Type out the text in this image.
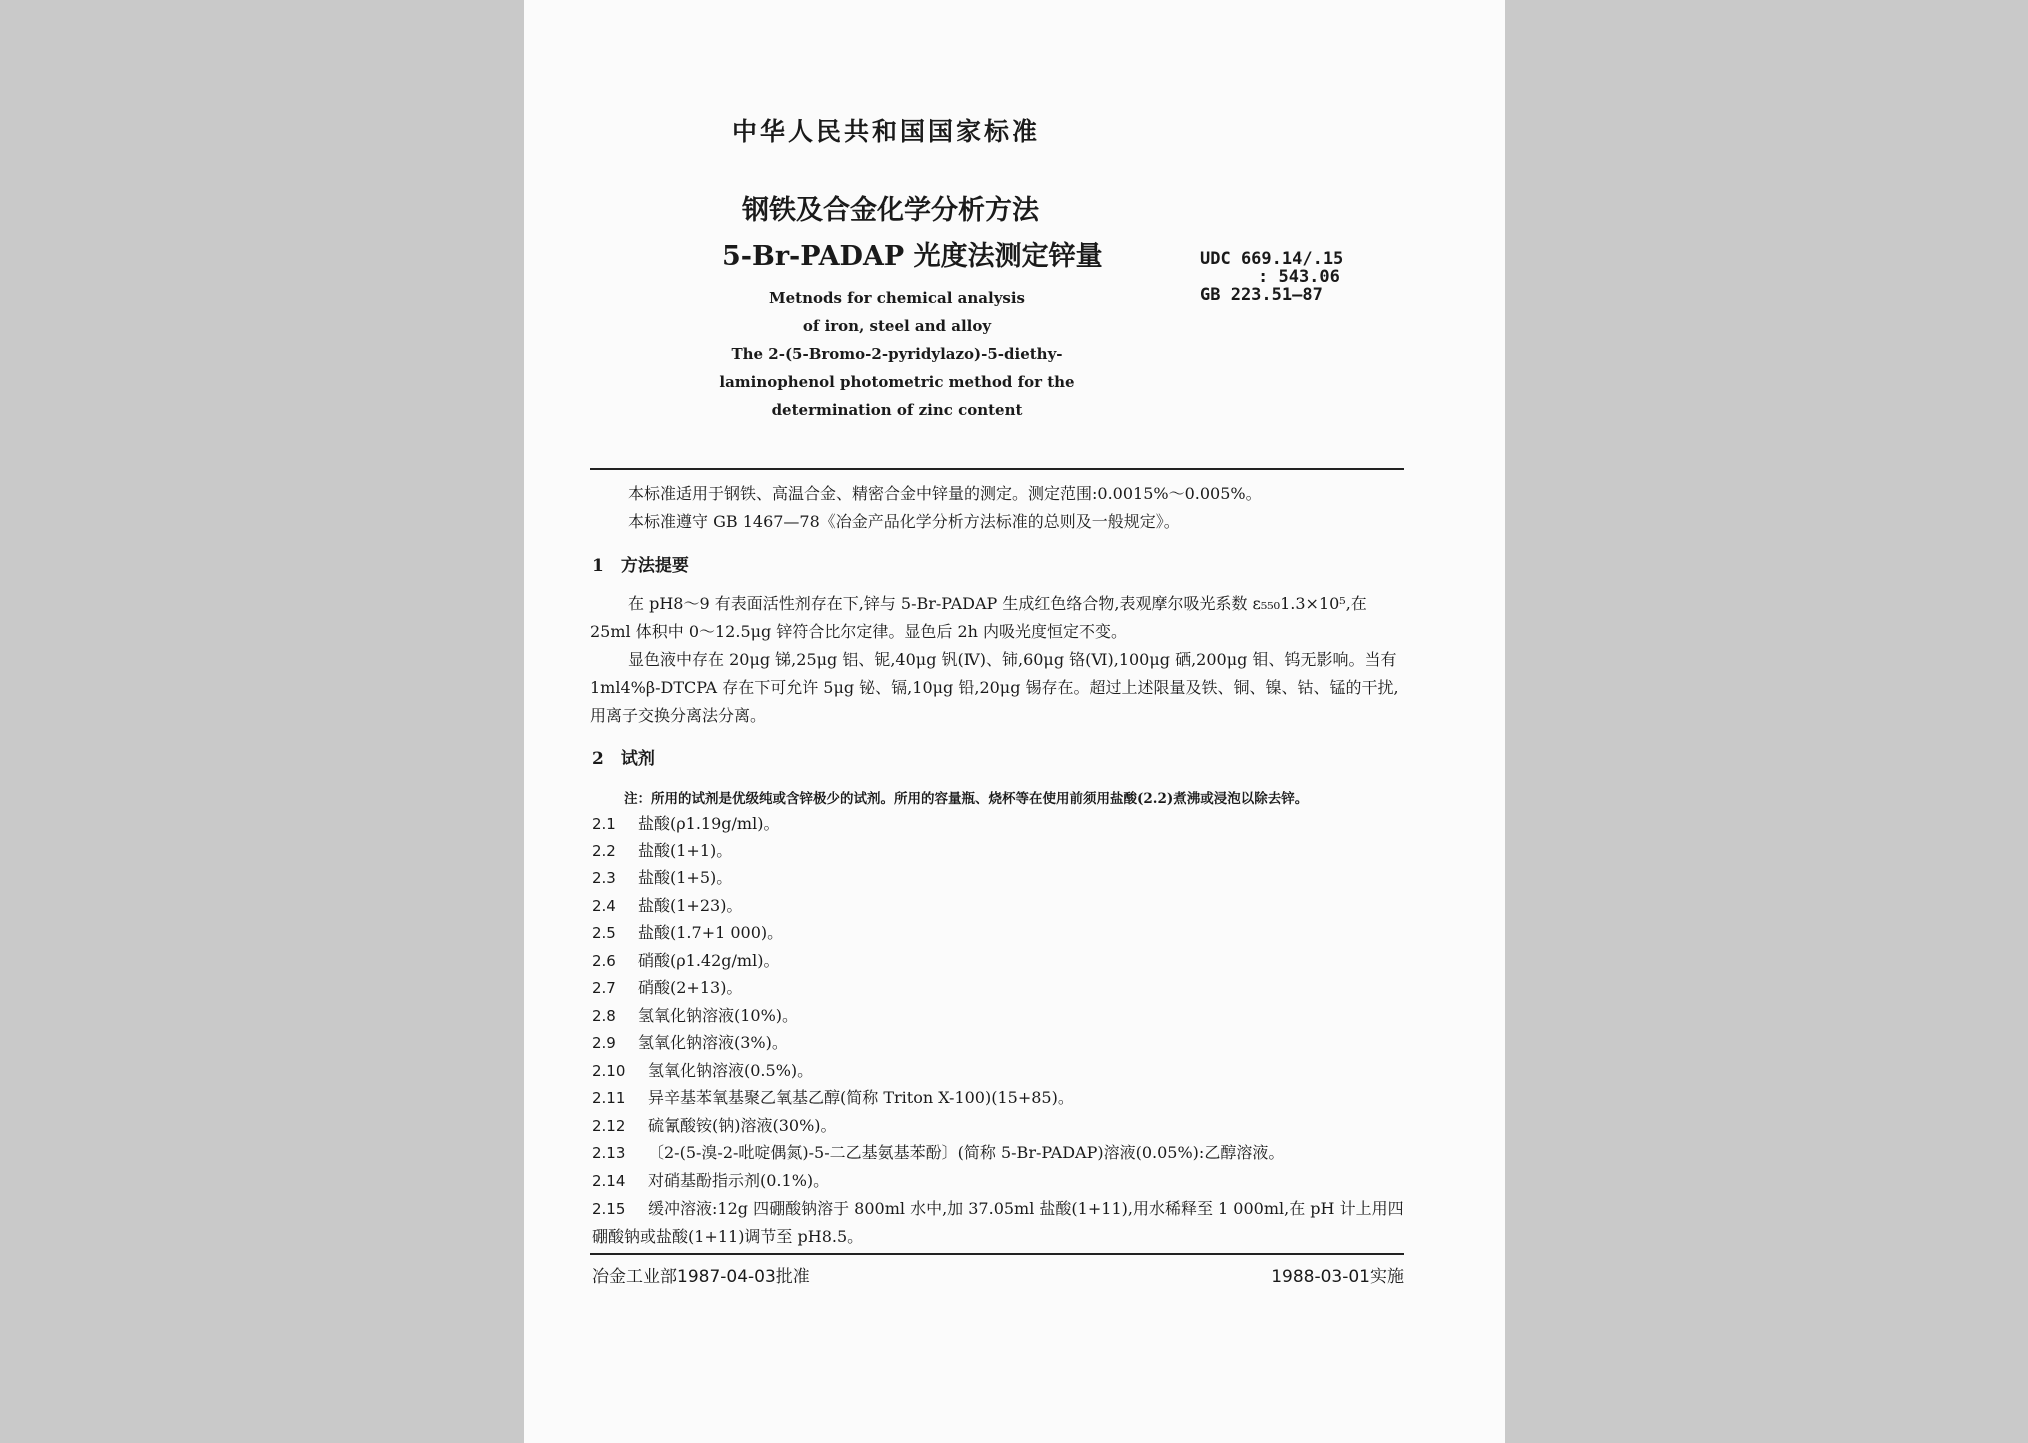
中华人民共和国国家标准
钢铁及合金化学分析方法
5-Br-PADAP 光度法测定锌量	UDC 669.14/.15
: 543.06
GB 223.51—87
Metnods for chemical analysis
of iron, steel and alloy
The 2-(5-Bromo-2-pyridylazo)-5-diethy-
laminophenol photometric method for the
determination of zinc content
本标准适用于钢铁、高温合金、精密合金中锌量的测定。测定范围:0.0015%～0.005%。
本标准遵守 GB 1467—78《冶金产品化学分析方法标准的总则及一般规定》。
1　方法提要
在 pH8～9 有表面活性剂存在下,锌与 5-Br-PADAP 生成红色络合物,表观摩尔吸光系数 ε₅₅₀1.3×10⁵,在 25ml 体积中 0～12.5μg 锌符合比尔定律。显色后 2h 内吸光度恒定不变。
显色液中存在 20μg 锑,25μg 铝、铌,40μg 钒(Ⅳ)、铈,60μg 铬(Ⅵ),100μg 硒,200μg 钼、钨无影响。当有 1ml4%β-DTCPA 存在下可允许 5μg 铋、镉,10μg 铅,20μg 锡存在。超过上述限量及铁、铜、镍、钴、锰的干扰,用离子交换分离法分离。
2　试剂
注：所用的试剂是优级纯或含锌极少的试剂。所用的容量瓶、烧杯等在使用前须用盐酸(2.2)煮沸或浸泡以除去锌。
2.1 盐酸(ρ1.19g/ml)。
2.2 盐酸(1+1)。
2.3 盐酸(1+5)。
2.4 盐酸(1+23)。
2.5 盐酸(1.7+1 000)。
2.6 硝酸(ρ1.42g/ml)。
2.7 硝酸(2+13)。
2.8 氢氧化钠溶液(10%)。
2.9 氢氧化钠溶液(3%)。
2.10 氢氧化钠溶液(0.5%)。
2.11 异辛基苯氧基聚乙氧基乙醇(简称 Triton X-100)(15+85)。
2.12 硫氰酸铵(钠)溶液(30%)。
2.13 〔2-(5-溴-2-吡啶偶氮)-5-二乙基氨基苯酚〕(简称 5-Br-PADAP)溶液(0.05%):乙醇溶液。
2.14 对硝基酚指示剂(0.1%)。
2.15 缓冲溶液:12g 四硼酸钠溶于 800ml 水中,加 37.05ml 盐酸(1+11),用水稀释至 1 000ml,在 pH 计上用四硼酸钠或盐酸(1+11)调节至 pH8.5。
冶金工业部1987-04-03批准	1988-03-01实施
